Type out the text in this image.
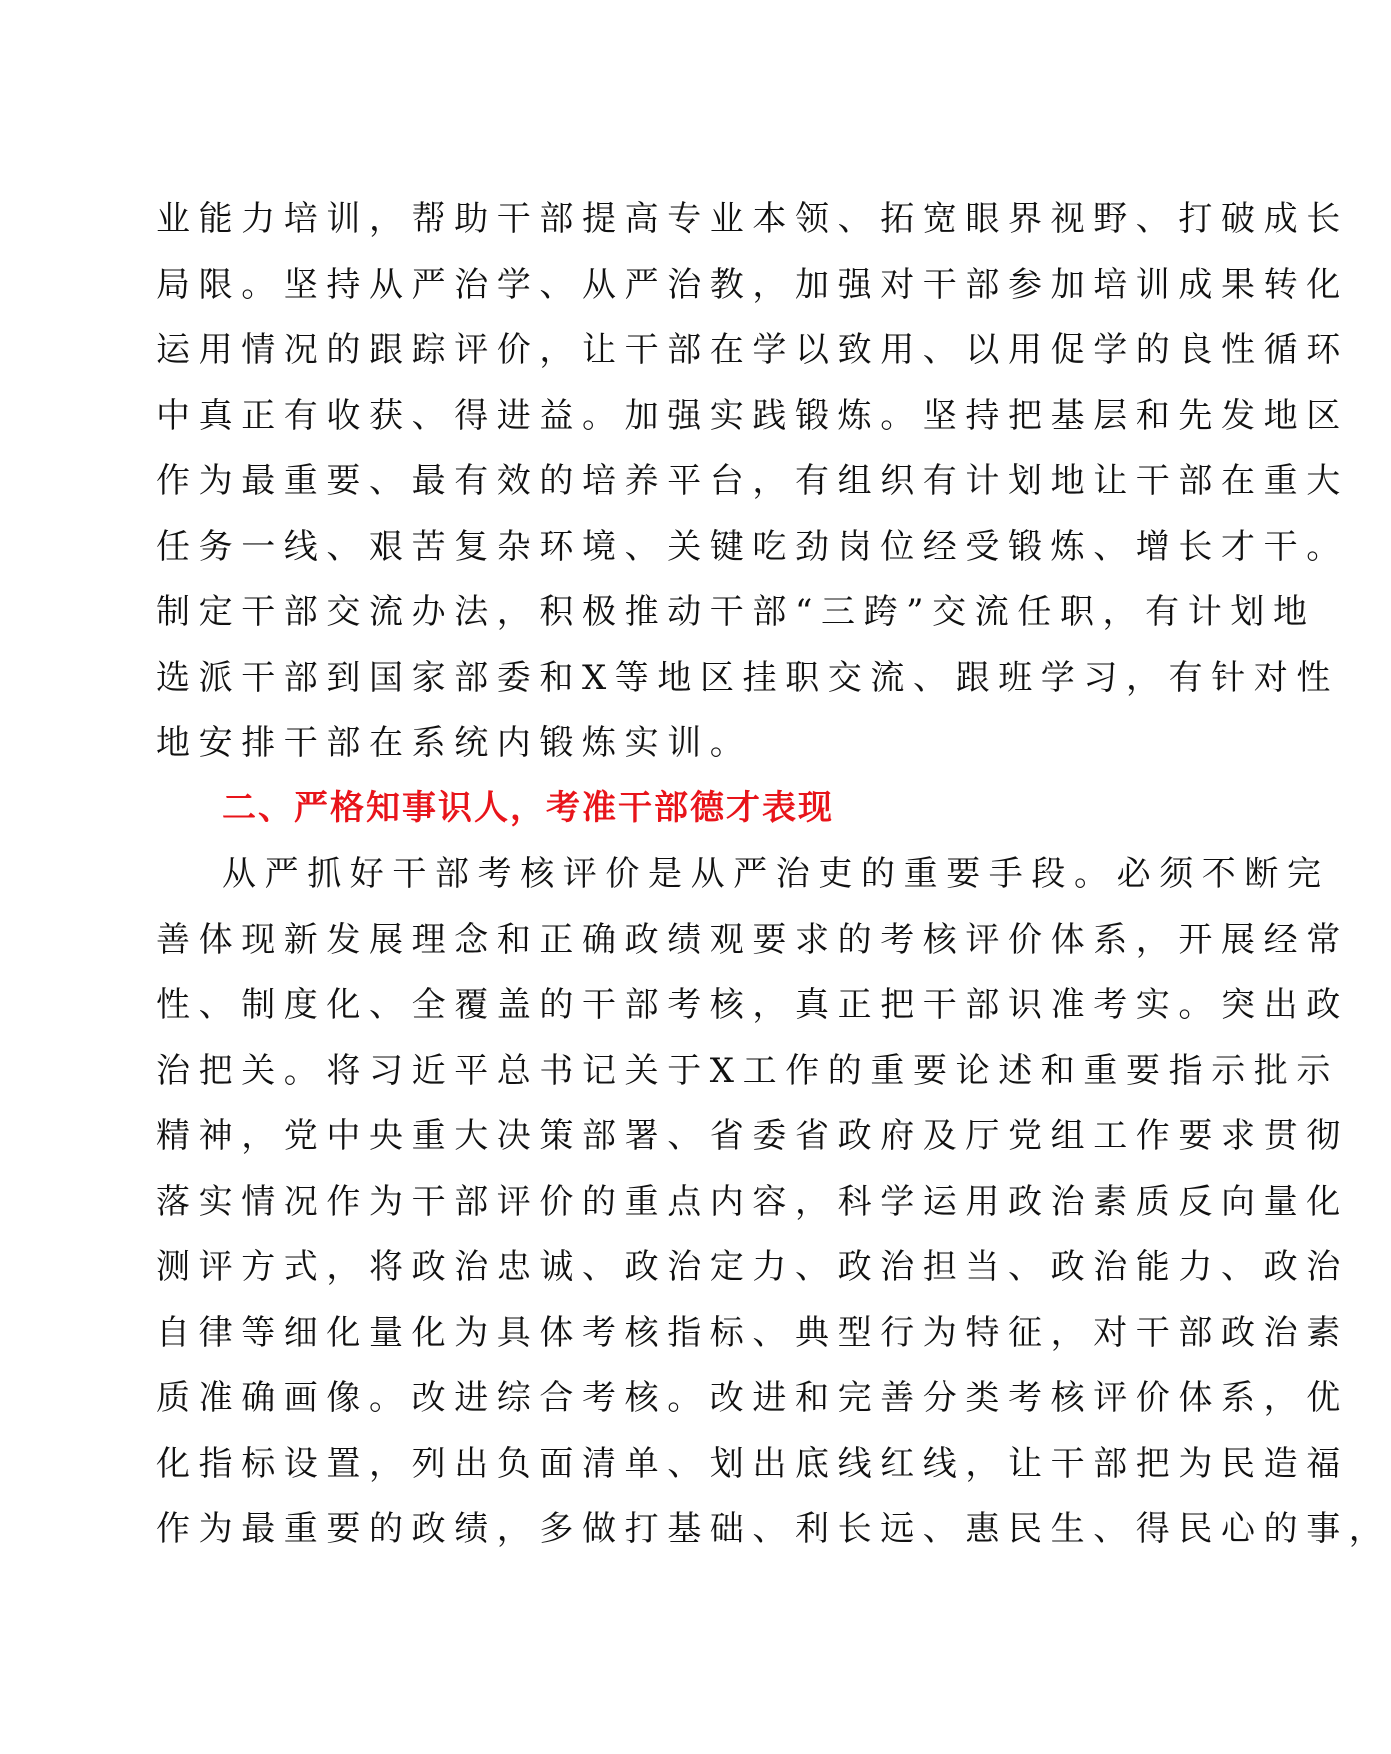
业能力培训，帮助干部提高专业本领、拓宽眼界视野、打破成长
局限。坚持从严治学、从严治教，加强对干部参加培训成果转化
运用情况的跟踪评价，让干部在学以致用、以用促学的良性循环
中真正有收获、得进益。加强实践锻炼。坚持把基层和先发地区
作为最重要、最有效的培养平台，有组织有计划地让干部在重大
任务一线、艰苦复杂环境、关键吃劲岗位经受锻炼、增长才干。
制定干部交流办法，积极推动干部“三跨”交流任职，有计划地
选派干部到国家部委和X等地区挂职交流、跟班学习，有针对性
地安排干部在系统内锻炼实训。
二、严格知事识人，考准干部德才表现
从严抓好干部考核评价是从严治吏的重要手段。必须不断完
善体现新发展理念和正确政绩观要求的考核评价体系，开展经常
性、制度化、全覆盖的干部考核，真正把干部识准考实。突出政
治把关。将习近平总书记关于X工作的重要论述和重要指示批示
精神，党中央重大决策部署、省委省政府及厅党组工作要求贯彻
落实情况作为干部评价的重点内容，科学运用政治素质反向量化
测评方式，将政治忠诚、政治定力、政治担当、政治能力、政治
自律等细化量化为具体考核指标、典型行为特征，对干部政治素
质准确画像。改进综合考核。改进和完善分类考核评价体系，优
化指标设置，列出负面清单、划出底线红线，让干部把为民造福
作为最重要的政绩，多做打基础、利长远、惠民生、得民心的事，
